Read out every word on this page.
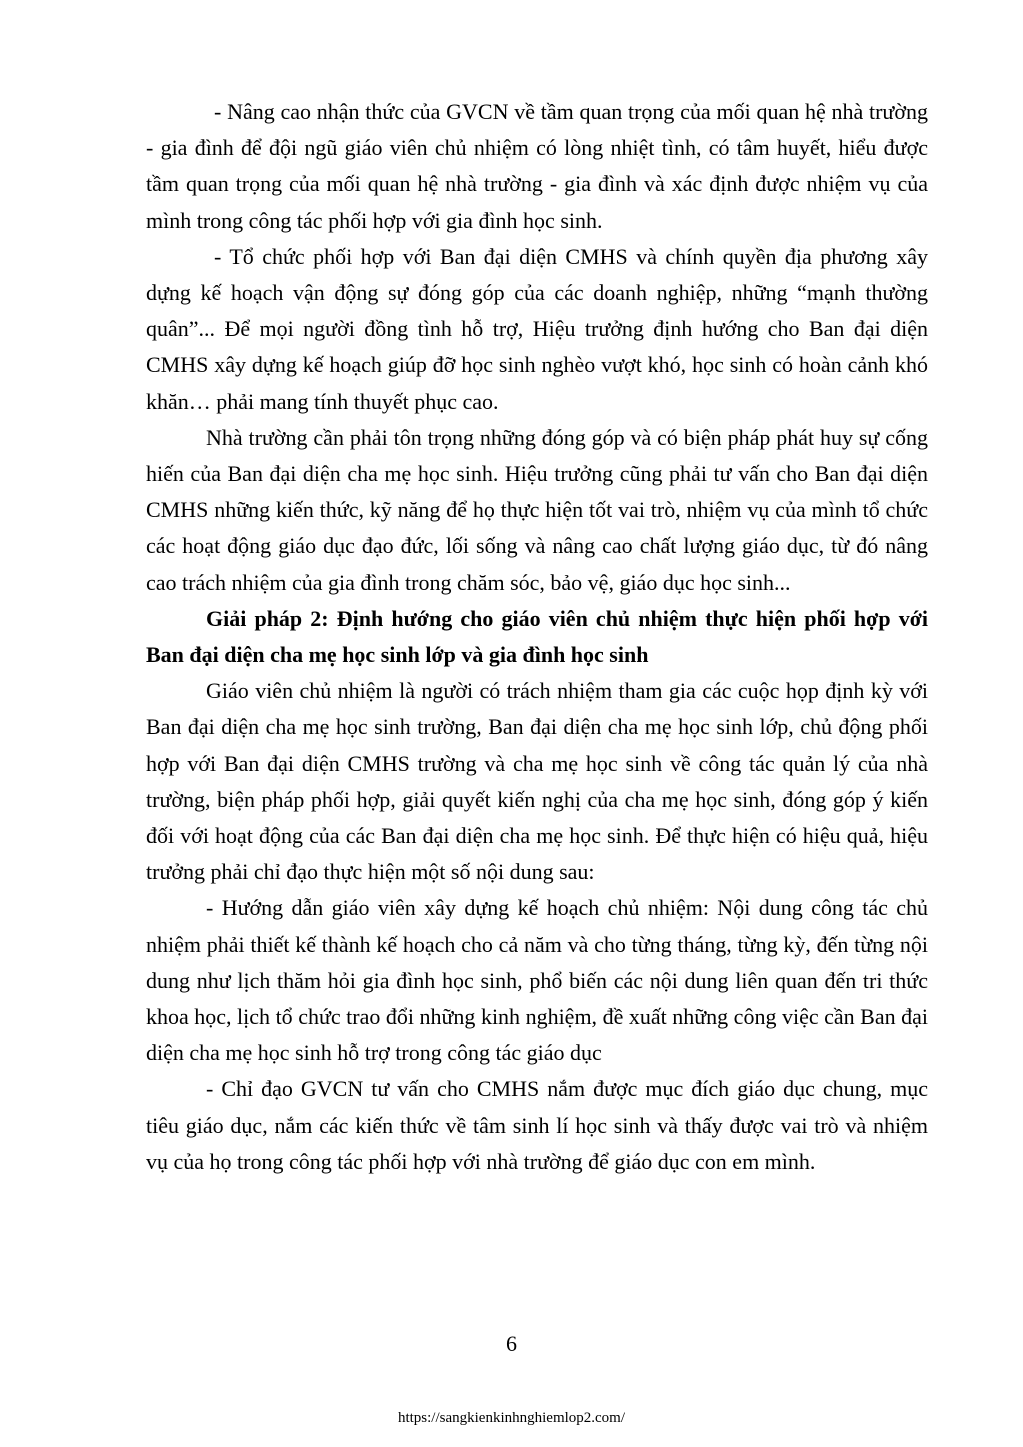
- Nâng cao nhận thức của GVCN về tầm quan trọng của mối quan hệ nhà trường - gia đình để đội ngũ giáo viên chủ nhiệm có lòng nhiệt tình, có tâm huyết, hiểu được tầm quan trọng của mối quan hệ nhà trường - gia đình và xác định được nhiệm vụ của mình trong công tác phối hợp với gia đình học sinh.

- Tổ chức phối hợp với Ban đại diện CMHS và chính quyền địa phương xây dựng kế hoạch vận động sự đóng góp của các doanh nghiệp, những “mạnh thường quân”... Để mọi người đồng tình hỗ trợ, Hiệu trưởng định hướng cho Ban đại diện CMHS xây dựng kế hoạch giúp đỡ học sinh nghèo vượt khó, học sinh có hoàn cảnh khó khăn… phải mang tính thuyết phục cao.

Nhà trường cần phải tôn trọng những đóng góp và có biện pháp phát huy sự cống hiến của Ban đại diện cha mẹ học sinh. Hiệu trưởng cũng phải tư vấn cho Ban đại diện CMHS những kiến thức, kỹ năng để họ thực hiện tốt vai trò, nhiệm vụ của mình tổ chức các hoạt động giáo dục đạo đức, lối sống và nâng cao chất lượng giáo dục, từ đó nâng cao trách nhiệm của gia đình trong chăm sóc, bảo vệ, giáo dục học sinh...

Giải pháp 2: Định hướng cho giáo viên chủ nhiệm thực hiện phối hợp với Ban đại diện cha mẹ học sinh lớp và gia đình học sinh

Giáo viên chủ nhiệm là người có trách nhiệm tham gia các cuộc họp định kỳ với Ban đại diện cha mẹ học sinh trường, Ban đại diện cha mẹ học sinh lớp, chủ động phối hợp với Ban đại diện CMHS trường và cha mẹ học sinh về công tác quản lý của nhà trường, biện pháp phối hợp, giải quyết kiến nghị của cha mẹ học sinh, đóng góp ý kiến đối với hoạt động của các Ban đại diện cha mẹ học sinh. Để thực hiện có hiệu quả, hiệu trưởng phải chỉ đạo thực hiện một số nội dung sau:

- Hướng dẫn giáo viên xây dựng kế hoạch chủ nhiệm: Nội dung công tác chủ nhiệm phải thiết kế thành kế hoạch cho cả năm và cho từng tháng, từng kỳ, đến từng nội dung như lịch thăm hỏi gia đình học sinh, phổ biến các nội dung liên quan đến tri thức khoa học, lịch tổ chức trao đổi những kinh nghiệm, đề xuất những công việc cần Ban đại diện cha mẹ học sinh hỗ trợ trong công tác giáo dục

- Chỉ đạo GVCN tư vấn cho CMHS nắm được mục đích giáo dục chung, mục tiêu giáo dục, nắm các kiến thức về tâm sinh lí học sinh và thấy được vai trò và nhiệm vụ của họ trong công tác phối hợp với nhà trường để giáo dục con em mình.

6
https://sangkienkinhnghiemlop2.com/
